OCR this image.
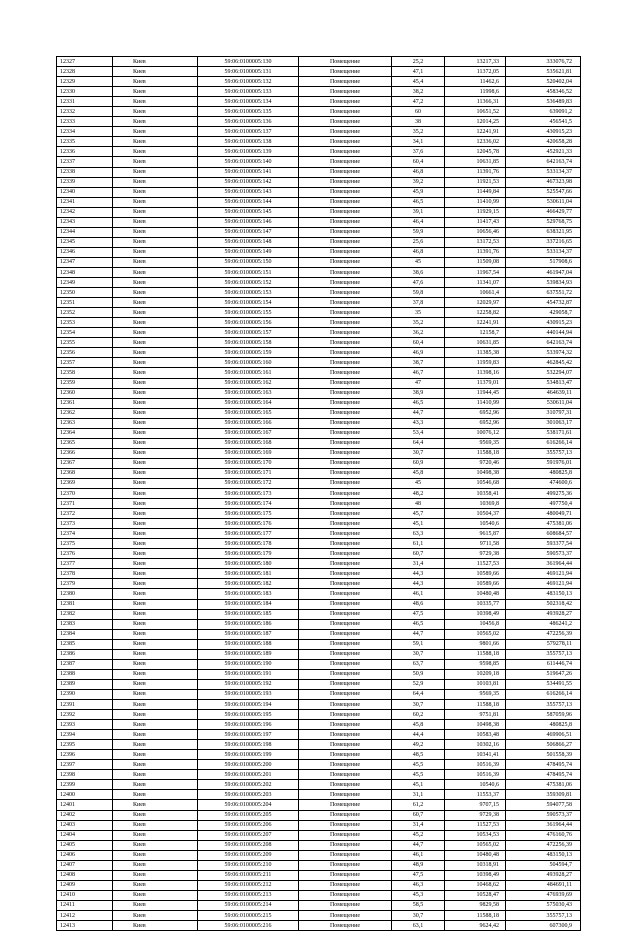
12327	Киев	59:06:0100005:130	Помещение	25,2	13217,33	333076,72
12328	Киев	59:06:0100005:131	Помещение	47,1	11372,05	535621,81
12329	Киев	59:06:0100005:132	Помещение	45,4	11462,6	520402,04
12330	Киев	59:06:0100005:133	Помещение	38,2	11998,6	458346,52
12331	Киев	59:06:0100005:134	Помещение	47,2	11366,31	536489,83
12332	Киев	59:06:0100005:135	Помещение	60	10651,52	639091,2
12333	Киев	59:06:0100005:136	Помещение	38	12014,25	456541,5
12334	Киев	59:06:0100005:137	Помещение	35,2	12241,91	430915,23
12335	Киев	59:06:0100005:138	Помещение	34,1	12336,02	420658,28
12336	Киев	59:06:0100005:139	Помещение	37,6	12045,78	452921,33
12337	Киев	59:06:0100005:140	Помещение	60,4	10631,85	642163,74
12338	Киев	59:06:0100005:141	Помещение	46,8	11391,76	533134,37
12339	Киев	59:06:0100005:142	Помещение	39,2	11921,53	467323,98
12340	Киев	59:06:0100005:143	Помещение	45,9	11449,84	525547,66
12341	Киев	59:06:0100005:144	Помещение	46,5	11410,99	530611,04
12342	Киев	59:06:0100005:145	Помещение	39,1	11929,15	466429,77
12343	Киев	59:06:0100005:146	Помещение	46,4	11417,43	529768,75
12344	Киев	59:06:0100005:147	Помещение	59,9	10656,46	638321,95
12345	Киев	59:06:0100005:148	Помещение	25,6	13172,53	337216,65
12346	Киев	59:06:0100005:149	Помещение	46,8	11391,76	533134,37
12347	Киев	59:06:0100005:150	Помещение	45	11509,08	517908,6
12348	Киев	59:06:0100005:151	Помещение	38,6	11967,54	461947,04
12349	Киев	59:06:0100005:152	Помещение	47,6	11341,07	539834,93
12350	Киев	59:06:0100005:153	Помещение	59,8	10661,4	637551,72
12351	Киев	59:06:0100005:154	Помещение	37,8	12029,97	454732,87
12352	Киев	59:06:0100005:155	Помещение	35	12258,82	429058,7
12353	Киев	59:06:0100005:156	Помещение	35,2	12241,91	430915,23
12354	Киев	59:06:0100005:157	Помещение	36,2	12158,7	440144,94
12355	Киев	59:06:0100005:158	Помещение	60,4	10631,85	642163,74
12356	Киев	59:06:0100005:159	Помещение	46,9	11385,38	533974,32
12357	Киев	59:06:0100005:160	Помещение	38,7	11959,83	462845,42
12358	Киев	59:06:0100005:161	Помещение	46,7	11398,16	532294,07
12359	Киев	59:06:0100005:162	Помещение	47	11379,01	534813,47
12360	Киев	59:06:0100005:163	Помещение	38,9	11944,45	464639,11
12361	Киев	59:06:0100005:164	Помещение	46,5	11410,99	530611,04
12362	Киев	59:06:0100005:165	Помещение	44,7	6952,96	310797,31
12363	Киев	59:06:0100005:166	Помещение	43,3	6952,96	301063,17
12364	Киев	59:06:0100005:167	Помещение	53,4	10076,12	538171,61
12365	Киев	59:06:0100005:168	Помещение	64,4	9569,35	616266,14
12366	Киев	59:06:0100005:169	Помещение	30,7	11588,18	355757,13
12367	Киев	59:06:0100005:170	Помещение	60,9	9720,46	591976,01
12368	Киев	59:06:0100005:171	Помещение	45,8	10498,38	480825,8
12369	Киев	59:06:0100005:172	Помещение	45	10546,68	474600,6
12370	Киев	59:06:0100005:173	Помещение	48,2	10358,41	499275,36
12371	Киев	59:06:0100005:174	Помещение	48	10369,8	497750,4
12372	Киев	59:06:0100005:175	Помещение	45,7	10504,37	480049,71
12373	Киев	59:06:0100005:176	Помещение	45,1	10540,6	475381,06
12374	Киев	59:06:0100005:177	Помещение	63,3	9615,87	608684,57
12375	Киев	59:06:0100005:178	Помещение	61,1	9711,58	593377,54
12376	Киев	59:06:0100005:179	Помещение	60,7	9729,38	590573,37
12377	Киев	59:06:0100005:180	Помещение	31,4	11527,53	361964,44
12378	Киев	59:06:0100005:181	Помещение	44,3	10589,66	469121,94
12379	Киев	59:06:0100005:182	Помещение	44,3	10589,66	469121,94
12380	Киев	59:06:0100005:183	Помещение	46,1	10480,48	483150,13
12381	Киев	59:06:0100005:184	Помещение	48,6	10335,77	502318,42
12382	Киев	59:06:0100005:185	Помещение	47,5	10398,49	493928,27
12383	Киев	59:06:0100005:186	Помещение	46,5	10456,8	486241,2
12384	Киев	59:06:0100005:187	Помещение	44,7	10565,02	472256,39
12385	Киев	59:06:0100005:188	Помещение	59,1	9801,66	579278,11
12386	Киев	59:06:0100005:189	Помещение	30,7	11588,18	355757,13
12387	Киев	59:06:0100005:190	Помещение	63,7	9598,85	611446,74
12388	Киев	59:06:0100005:191	Помещение	50,9	10209,18	519647,26
12389	Киев	59:06:0100005:192	Помещение	52,9	10103,81	534491,55
12390	Киев	59:06:0100005:193	Помещение	64,4	9569,35	616266,14
12391	Киев	59:06:0100005:194	Помещение	30,7	11588,18	355757,13
12392	Киев	59:06:0100005:195	Помещение	60,2	9751,81	587059,96
12393	Киев	59:06:0100005:196	Помещение	45,8	10498,38	480825,8
12394	Киев	59:06:0100005:197	Помещение	44,4	10583,48	469906,51
12395	Киев	59:06:0100005:198	Помещение	49,2	10302,16	506866,27
12396	Киев	59:06:0100005:199	Помещение	48,5	10341,41	501558,39
12397	Киев	59:06:0100005:200	Помещение	45,5	10516,39	478495,74
12398	Киев	59:06:0100005:201	Помещение	45,5	10516,39	478495,74
12399	Киев	59:06:0100005:202	Помещение	45,1	10540,6	475381,06
12400	Киев	59:06:0100005:203	Помещение	31,1	11553,37	359309,81
12401	Киев	59:06:0100005:204	Помещение	61,2	9707,15	594077,58
12402	Киев	59:06:0100005:205	Помещение	60,7	9729,38	590573,37
12403	Киев	59:06:0100005:206	Помещение	31,4	11527,53	361964,44
12404	Киев	59:06:0100005:207	Помещение	45,2	10534,53	476160,76
12405	Киев	59:06:0100005:208	Помещение	44,7	10565,02	472256,39
12406	Киев	59:06:0100005:209	Помещение	46,1	10480,48	483150,13
12407	Киев	59:06:0100005:210	Помещение	48,9	10318,91	504594,7
12408	Киев	59:06:0100005:211	Помещение	47,5	10398,49	493928,27
12409	Киев	59:06:0100005:212	Помещение	46,3	10468,62	484691,11
12410	Киев	59:06:0100005:213	Помещение	45,3	10528,47	476939,69
12411	Киев	59:06:0100005:214	Помещение	58,5	9829,58	575030,43
12412	Киев	59:06:0100005:215	Помещение	30,7	11588,18	355757,13
12413	Киев	59:06:0100005:216	Помещение	63,1	9624,42	607300,9
